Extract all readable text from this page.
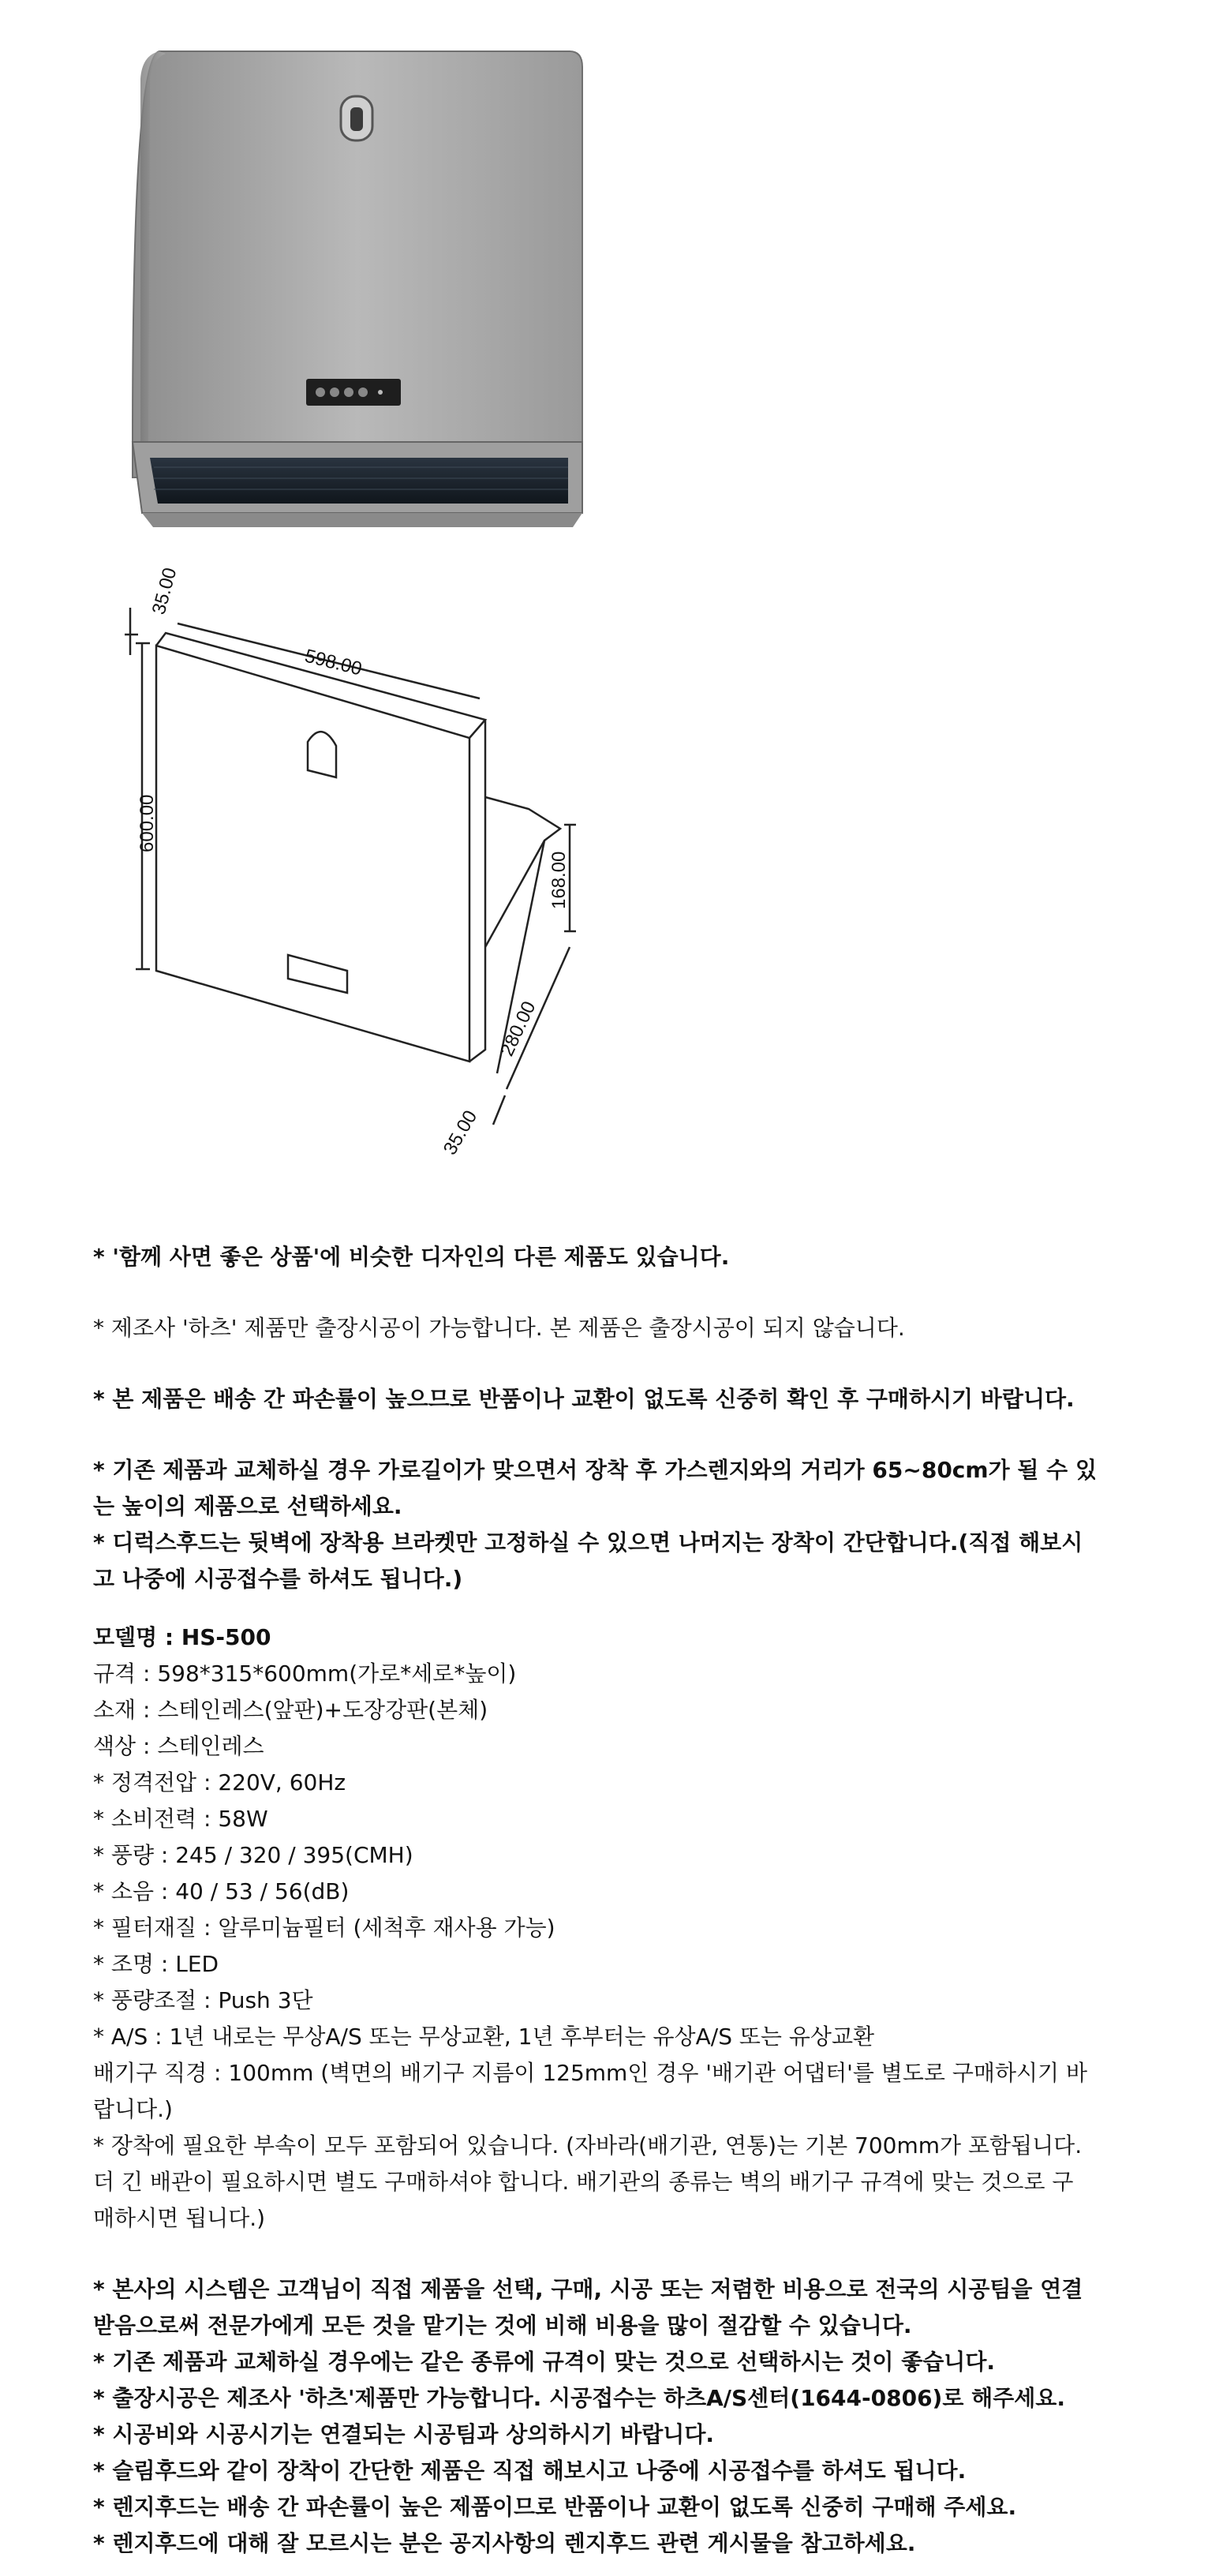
35.00
598.00
600.00
168.00
280.00
35.00
* '함께 사면 좋은 상품'에 비슷한 디자인의 다른 제품도 있습니다.
* 제조사 '하츠' 제품만 출장시공이 가능합니다. 본 제품은 출장시공이 되지 않습니다.
* 본 제품은 배송 간 파손률이 높으므로 반품이나 교환이 없도록 신중히 확인 후 구매하시기 바랍니다.
* 기존 제품과 교체하실 경우 가로길이가 맞으면서 장착 후 가스렌지와의 거리가 65~80cm가 될 수 있
는 높이의 제품으로 선택하세요.
* 디럭스후드는 뒷벽에 장착용 브라켓만 고정하실 수 있으면 나머지는 장착이 간단합니다.(직접 해보시
고 나중에 시공접수를 하셔도 됩니다.)
모델명 : HS-500
규격 : 598*315*600mm(가로*세로*높이)
소재 : 스테인레스(앞판)+도장강판(본체)
색상 : 스테인레스
* 정격전압 : 220V, 60Hz
* 소비전력 : 58W
* 풍량 : 245 / 320 / 395(CMH)
* 소음 : 40 / 53 / 56(dB)
* 필터재질 : 알루미늄필터 (세척후 재사용 가능)
* 조명 : LED
* 풍량조절 : Push 3단
* A/S : 1년 내로는 무상A/S 또는 무상교환, 1년 후부터는 유상A/S 또는 유상교환
배기구 직경 : 100mm (벽면의 배기구 지름이 125mm인 경우 '배기관 어댑터'를 별도로 구매하시기 바
랍니다.)
* 장착에 필요한 부속이 모두 포함되어 있습니다. (자바라(배기관, 연통)는 기본 700mm가 포함됩니다.
더 긴 배관이 필요하시면 별도 구매하셔야 합니다. 배기관의 종류는 벽의 배기구 규격에 맞는 것으로 구
매하시면 됩니다.)
* 본사의 시스템은 고객님이 직접 제품을 선택, 구매, 시공 또는 저렴한 비용으로 전국의 시공팀을 연결
받음으로써 전문가에게 모든 것을 맡기는 것에 비해 비용을 많이 절감할 수 있습니다.
* 기존 제품과 교체하실 경우에는 같은 종류에 규격이 맞는 것으로 선택하시는 것이 좋습니다.
* 출장시공은 제조사 '하츠'제품만 가능합니다. 시공접수는 하츠A/S센터(1644-0806)로 해주세요.
* 시공비와 시공시기는 연결되는 시공팀과 상의하시기 바랍니다.
* 슬림후드와 같이 장착이 간단한 제품은 직접 해보시고 나중에 시공접수를 하셔도 됩니다.
* 렌지후드는 배송 간 파손률이 높은 제품이므로 반품이나 교환이 없도록 신중히 구매해 주세요.
* 렌지후드에 대해 잘 모르시는 분은 공지사항의 렌지후드 관련 게시물을 참고하세요.
